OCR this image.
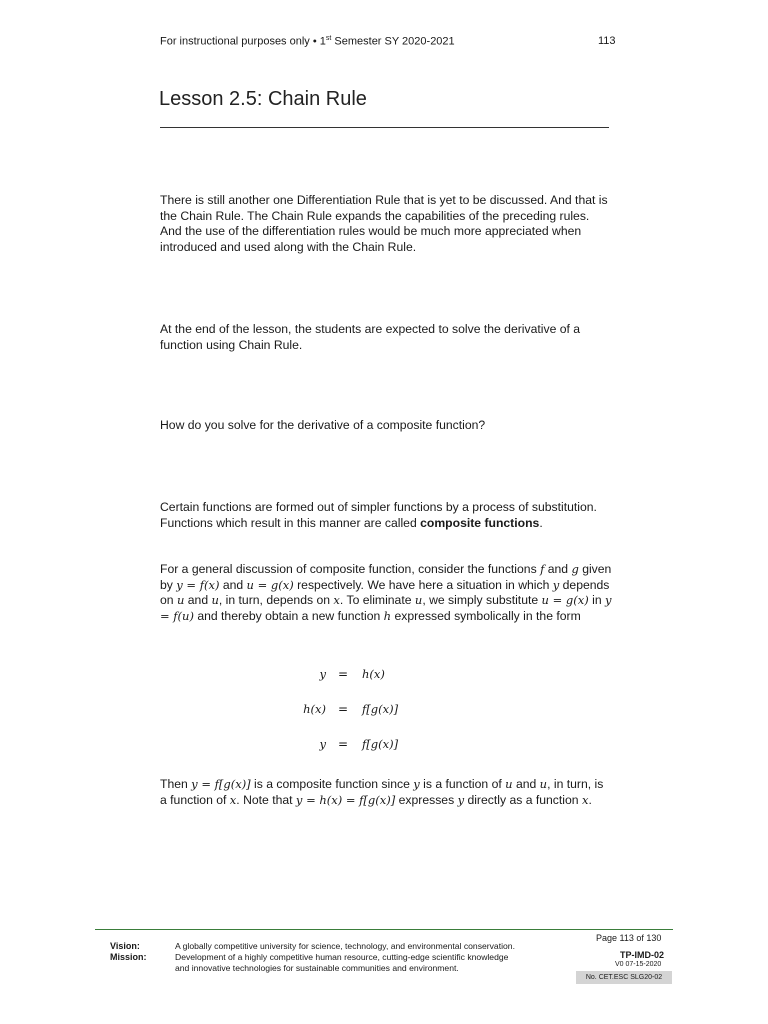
For instructional purposes only • 1st Semester SY 2020-2021	113
Lesson 2.5: Chain Rule
There is still another one Differentiation Rule that is yet to be discussed. And that is the Chain Rule. The Chain Rule expands the capabilities of the preceding rules. And the use of the differentiation rules would be much more appreciated when introduced and used along with the Chain Rule.
At the end of the lesson, the students are expected to solve the derivative of a function using Chain Rule.
How do you solve for the derivative of a composite function?
Certain functions are formed out of simpler functions by a process of substitution. Functions which result in this manner are called composite functions.
For a general discussion of composite function, consider the functions f and g given by y = f(x) and u = g(x) respectively. We have here a situation in which y depends on u and u, in turn, depends on x. To eliminate u, we simply substitute u = g(x) in y = f(u) and thereby obtain a new function h expressed symbolically in the form
y = h(x)
h(x) = f[g(x)]
y = f[g(x)]
Then y = f[g(x)] is a composite function since y is a function of u and u, in turn, is a function of x. Note that y = h(x) = f[g(x)] expresses y directly as a function x.
Vision:	A globally competitive university for science, technology, and environmental conservation.
Mission:	Development of a highly competitive human resource, cutting-edge scientific knowledge
and innovative technologies for sustainable communities and environment.
Page 113 of 130
TP-IMD-02
V0 07-15-2020
No. CET.ESC SLG20-02
